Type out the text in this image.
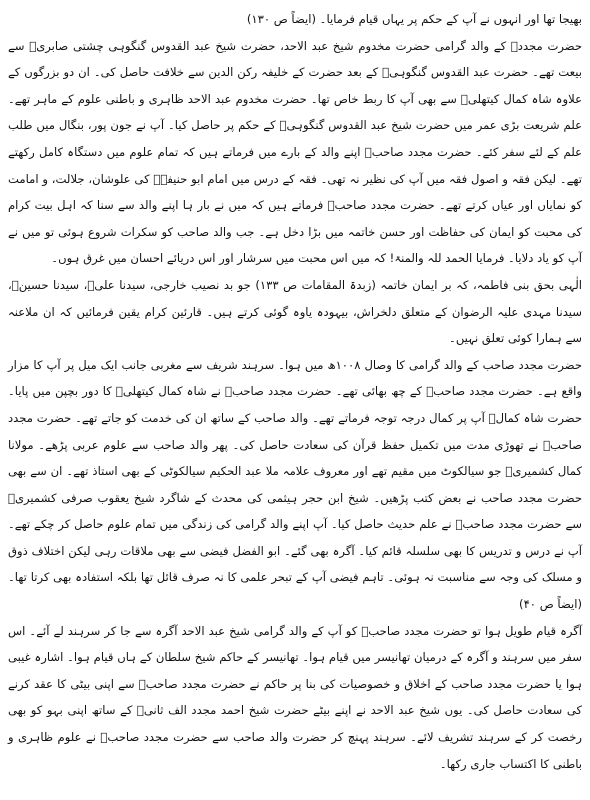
بھیجا تھا اور انہوں نے آپ کے حکم پر یہاں قیام فرمایا۔ (ایضاً ص ۱۳۰)

حضرت مجددؒ کے والد گرامی حضرت مخدوم شیخ عبد الاحد، حضرت شیخ عبد القدوس گنگوہی چشتی صابریؒ سے بیعت تھے۔ حضرت عبد القدوس گنگوہیؒ کے بعد حضرت کے خلیفہ رکن الدین سے خلافت حاصل کی۔ ان دو بزرگوں کے علاوہ شاہ کمال کیتھلیؒ سے بھی آپ کا ربط خاص تھا۔ حضرت مخدوم عبد الاحد ظاہری و باطنی علوم کے ماہر تھے۔ علم شریعت بڑی عمر میں حضرت شیخ عبد القدوس گنگوہیؒ کے حکم پر حاصل کیا۔ آپ نے جون پور، بنگال میں طلب علم کے لئے سفر کئے۔ حضرت مجدد صاحبؒ اپنے والد کے بارے میں فرماتے ہیں کہ تمام علوم میں دستگاہ کامل رکھتے تھے۔ لیکن فقہ و اصول فقہ میں آپ کی نظیر نہ تھی۔ فقہ کے درس میں امام ابو حنیفہؒ کی علوشان، جلالت، و امامت کو نمایاں اور عیاں کرتے تھے۔ حضرت مجدد صاحبؒ فرماتے ہیں کہ میں نے بار ہا اپنے والد سے سنا کہ اہل بیت کرام کی محبت کو ایمان کی حفاظت اور حسن خاتمہ میں بڑا دخل ہے۔ جب والد صاحب کو سکرات شروع ہوئی تو میں نے آپ کو یاد دلایا۔ فرمایا الحمد للہ والمنۃ! کہ میں اس محبت میں سرشار اور اس دریائے احسان میں غرق ہوں۔

الٰہی بحق بنی فاطمہ، کہ بر ایمان خاتمہ (زبدۃ المقامات ص ۱۳۳) جو بد نصیب خارجی، سیدنا علیؓ، سیدنا حسینؓ، سیدنا مہدی علیہ الرضوان کے متعلق دلخراش، بیہودہ یاوہ گوئی کرتے ہیں۔ قارئین کرام یقین فرمائیں کہ ان ملاعنہ سے ہمارا کوئی تعلق نہیں۔

حضرت مجدد صاحب کے والد گرامی کا وصال ۱۰۰۸ھ میں ہوا۔ سرہند شریف سے مغربی جانب ایک میل پر آپ کا مزار واقع ہے۔ حضرت مجدد صاحبؒ کے چھ بھائی تھے۔ حضرت مجدد صاحبؒ نے شاہ کمال کیتھلیؒ کا دور بچپن میں پایا۔ حضرت شاہ کمالؒ آپ پر کمال درجہ توجہ فرماتے تھے۔ والد صاحب کے ساتھ ان کی خدمت کو جاتے تھے۔ حضرت مجدد صاحبؒ نے تھوڑی مدت میں تکمیل حفظ قرآن کی سعادت حاصل کی۔ پھر والد صاحب سے علوم عربی پڑھے۔ مولانا کمال کشمیریؒ جو سیالکوٹ میں مقیم تھے اور معروف علامہ ملا عبد الحکیم سیالکوٹی کے بھی استاذ تھے۔ ان سے بھی حضرت مجدد صاحب نے بعض کتب پڑھیں۔ شیخ ابن حجر ہیثمی کی محدث کے شاگرد شیخ یعقوب صرفی کشمیریؒ سے حضرت مجدد صاحبؒ نے علم حدیث حاصل کیا۔ آپ اپنے والد گرامی کی زندگی میں تمام علوم حاصل کر چکے تھے۔ آپ نے درس و تدریس کا بھی سلسلہ قائم کیا۔ آگرہ بھی گئے۔ ابو الفضل فیضی سے بھی ملاقات رہی لیکن اختلاف ذوق و مسلک کی وجہ سے مناسبت نہ ہوئی۔ تاہم فیضی آپ کے تبحر علمی کا نہ صرف قائل تھا بلکہ استفادہ بھی کرتا تھا۔ (ایضاً ص ۴۰)

آگرہ قیام طویل ہوا تو حضرت مجدد صاحبؒ کو آپ کے والد گرامی شیخ عبد الاحد آگرہ سے جا کر سرہند لے آئے۔ اس سفر میں سرہند و آگرہ کے درمیان تھانیسر میں قیام ہوا۔ تھانیسر کے حاکم شیخ سلطان کے ہاں قیام ہوا۔ اشارہ غیبی ہوا یا حضرت مجدد صاحب کے اخلاق و خصوصیات کی بنا پر حاکم نے حضرت مجدد صاحبؒ سے اپنی بیٹی کا عقد کرنے کی سعادت حاصل کی۔ یوں شیخ عبد الاحد نے اپنے بیٹے حضرت شیخ احمد مجدد الف ثانیؒ کے ساتھ اپنی بہو کو بھی رخصت کر کے سرہند تشریف لائے۔ سرہند پہنچ کر حضرت والد صاحب سے حضرت مجدد صاحبؒ نے علوم ظاہری و باطنی کا اکتساب جاری رکھا۔
